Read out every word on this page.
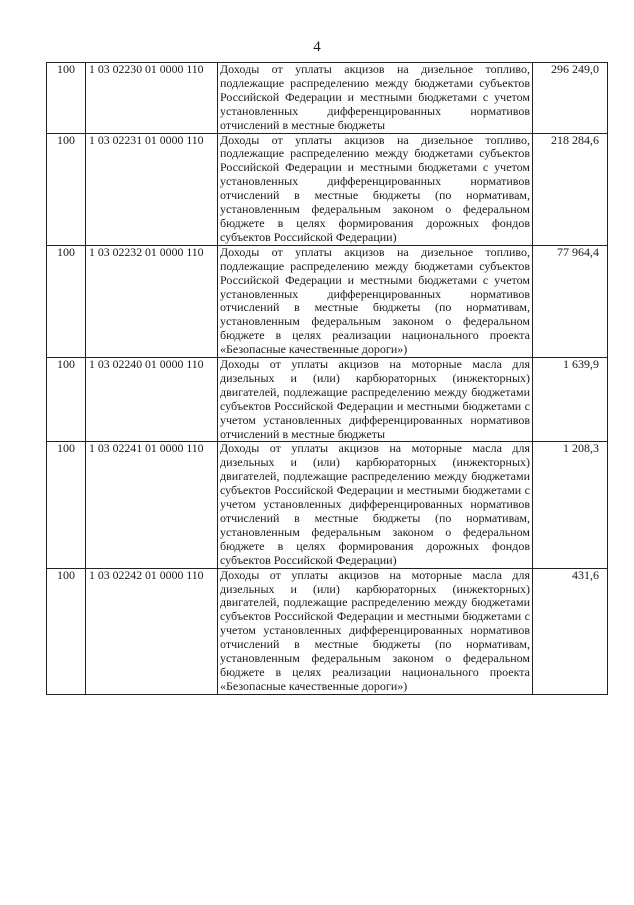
4
100	1 03 02230 01 0000 110	Доходы от уплаты акцизов на дизельное топливо, подлежащие распределению между бюджетами субъектов Российской Федерации и местными бюджетами с учетом установленных дифференцированных нормативов отчислений в местные бюджеты	296 249,0
100	1 03 02231 01 0000 110	Доходы от уплаты акцизов на дизельное топливо, подлежащие распределению между бюджетами субъектов Российской Федерации и местными бюджетами с учетом установленных дифференцированных нормативов отчислений в местные бюджеты (по нормативам, установленным федеральным законом о федеральном бюджете в целях формирования дорожных фондов субъектов Российской Федерации)	218 284,6
100	1 03 02232 01 0000 110	Доходы от уплаты акцизов на дизельное топливо, подлежащие распределению между бюджетами субъектов Российской Федерации и местными бюджетами с учетом установленных дифференцированных нормативов отчислений в местные бюджеты (по нормативам, установленным федеральным законом о федеральном бюджете в целях реализации национального проекта «Безопасные качественные дороги»)	77 964,4
100	1 03 02240 01 0000 110	Доходы от уплаты акцизов на моторные масла для дизельных и (или) карбюраторных (инжекторных) двигателей, подлежащие распределению между бюджетами субъектов Российской Федерации и местными бюджетами с учетом установленных дифференцированных нормативов отчислений в местные бюджеты	1 639,9
100	1 03 02241 01 0000 110	Доходы от уплаты акцизов на моторные масла для дизельных и (или) карбюраторных (инжекторных) двигателей, подлежащие распределению между бюджетами субъектов Российской Федерации и местными бюджетами с учетом установленных дифференцированных нормативов отчислений в местные бюджеты (по нормативам, установленным федеральным законом о федеральном бюджете в целях формирования дорожных фондов субъектов Российской Федерации)	1 208,3
100	1 03 02242 01 0000 110	Доходы от уплаты акцизов на моторные масла для дизельных и (или) карбюраторных (инжекторных) двигателей, подлежащие распределению между бюджетами субъектов Российской Федерации и местными бюджетами с учетом установленных дифференцированных нормативов отчислений в местные бюджеты (по нормативам, установленным федеральным законом о федеральном бюджете в целях реализации национального проекта «Безопасные качественные дороги»)	431,6
